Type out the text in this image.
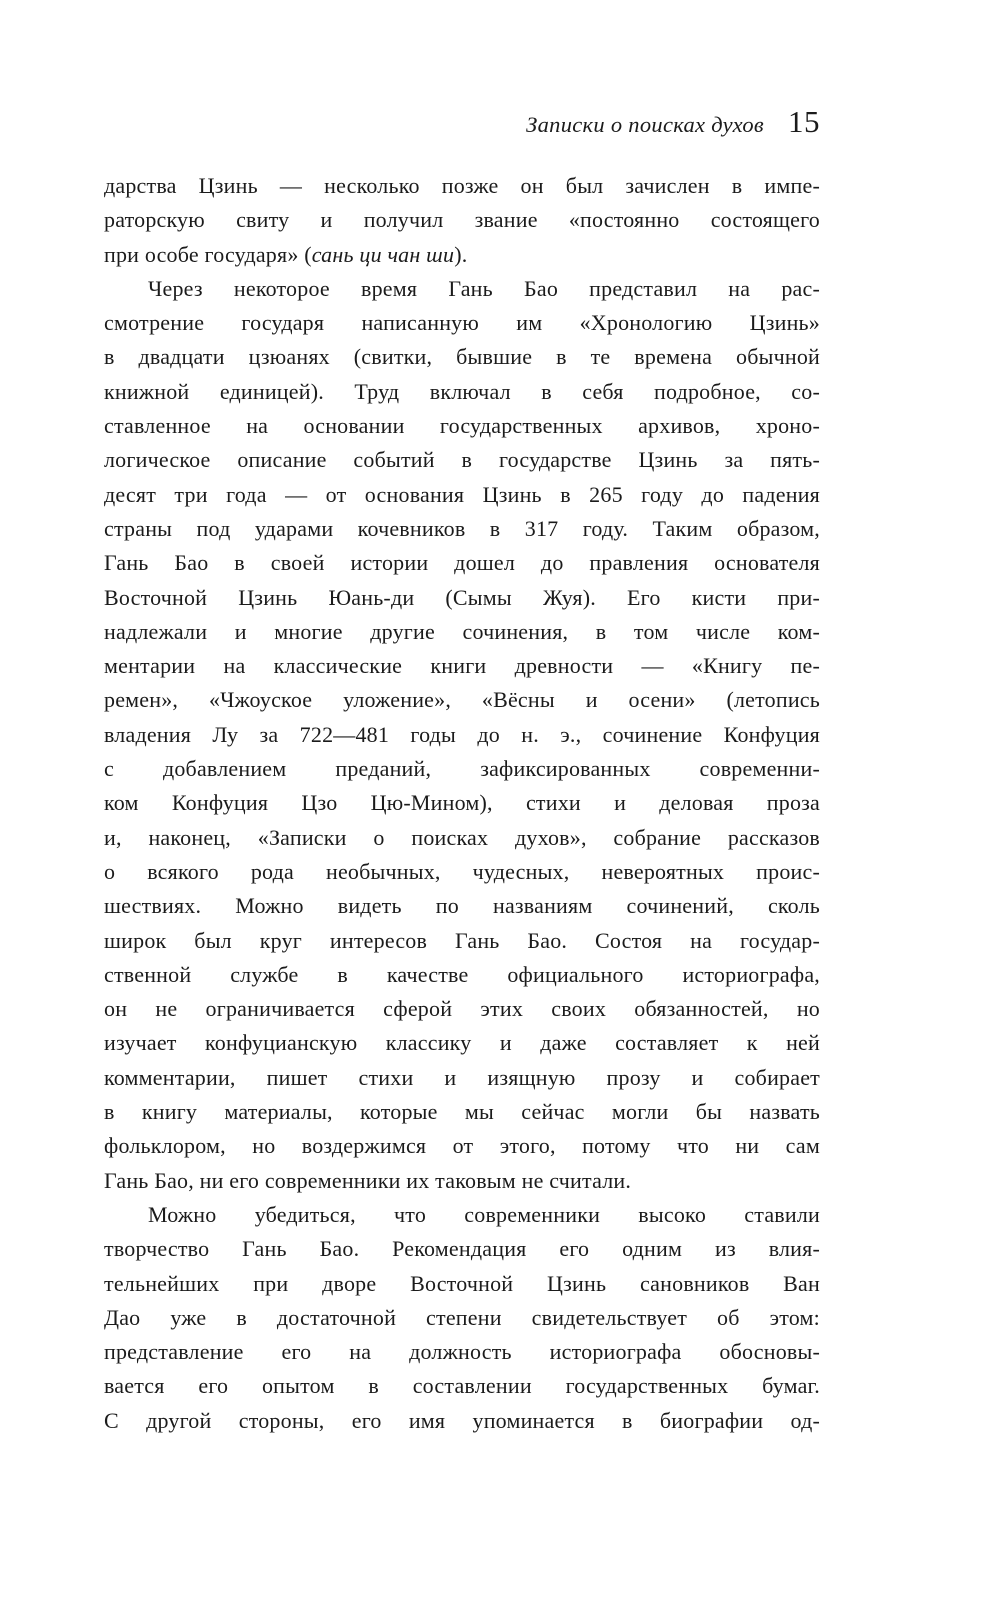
Записки о поисках духов 15
дарства Цзинь — несколько позже он был зачислен в импе-
раторскую свиту и получил звание «постоянно состоящего
при особе государя» (сань ци чан ши).
Через некоторое время Гань Бао представил на рас-
смотрение государя написанную им «Хронологию Цзинь»
в двадцати цзюанях (свитки, бывшие в те времена обычной
книжной единицей). Труд включал в себя подробное, со-
ставленное на основании государственных архивов, хроно-
логическое описание событий в государстве Цзинь за пять-
десят три года — от основания Цзинь в 265 году до падения
страны под ударами кочевников в 317 году. Таким образом,
Гань Бао в своей истории дошел до правления основателя
Восточной Цзинь Юань-ди (Сымы Жуя). Его кисти при-
надлежали и многие другие сочинения, в том числе ком-
ментарии на классические книги древности — «Книгу пе-
ремен», «Чжоуское уложение», «Вёсны и осени» (летопись
владения Лу за 722—481 годы до н. э., сочинение Конфуция
с добавлением преданий, зафиксированных современни-
ком Конфуция Цзо Цю-Мином), стихи и деловая проза
и, наконец, «Записки о поисках духов», собрание рассказов
о всякого рода необычных, чудесных, невероятных проис-
шествиях. Можно видеть по названиям сочинений, сколь
широк был круг интересов Гань Бао. Состоя на государ-
ственной службе в качестве официального историографа,
он не ограничивается сферой этих своих обязанностей, но
изучает конфуцианскую классику и даже составляет к ней
комментарии, пишет стихи и изящную прозу и собирает
в книгу материалы, которые мы сейчас могли бы назвать
фольклором, но воздержимся от этого, потому что ни сам
Гань Бао, ни его современники их таковым не считали.
Можно убедиться, что современники высоко ставили
творчество Гань Бао. Рекомендация его одним из влия-
тельнейших при дворе Восточной Цзинь сановников Ван
Дао уже в достаточной степени свидетельствует об этом:
представление его на должность историографа обосновы-
вается его опытом в составлении государственных бумаг.
С другой стороны, его имя упоминается в биографии од-
